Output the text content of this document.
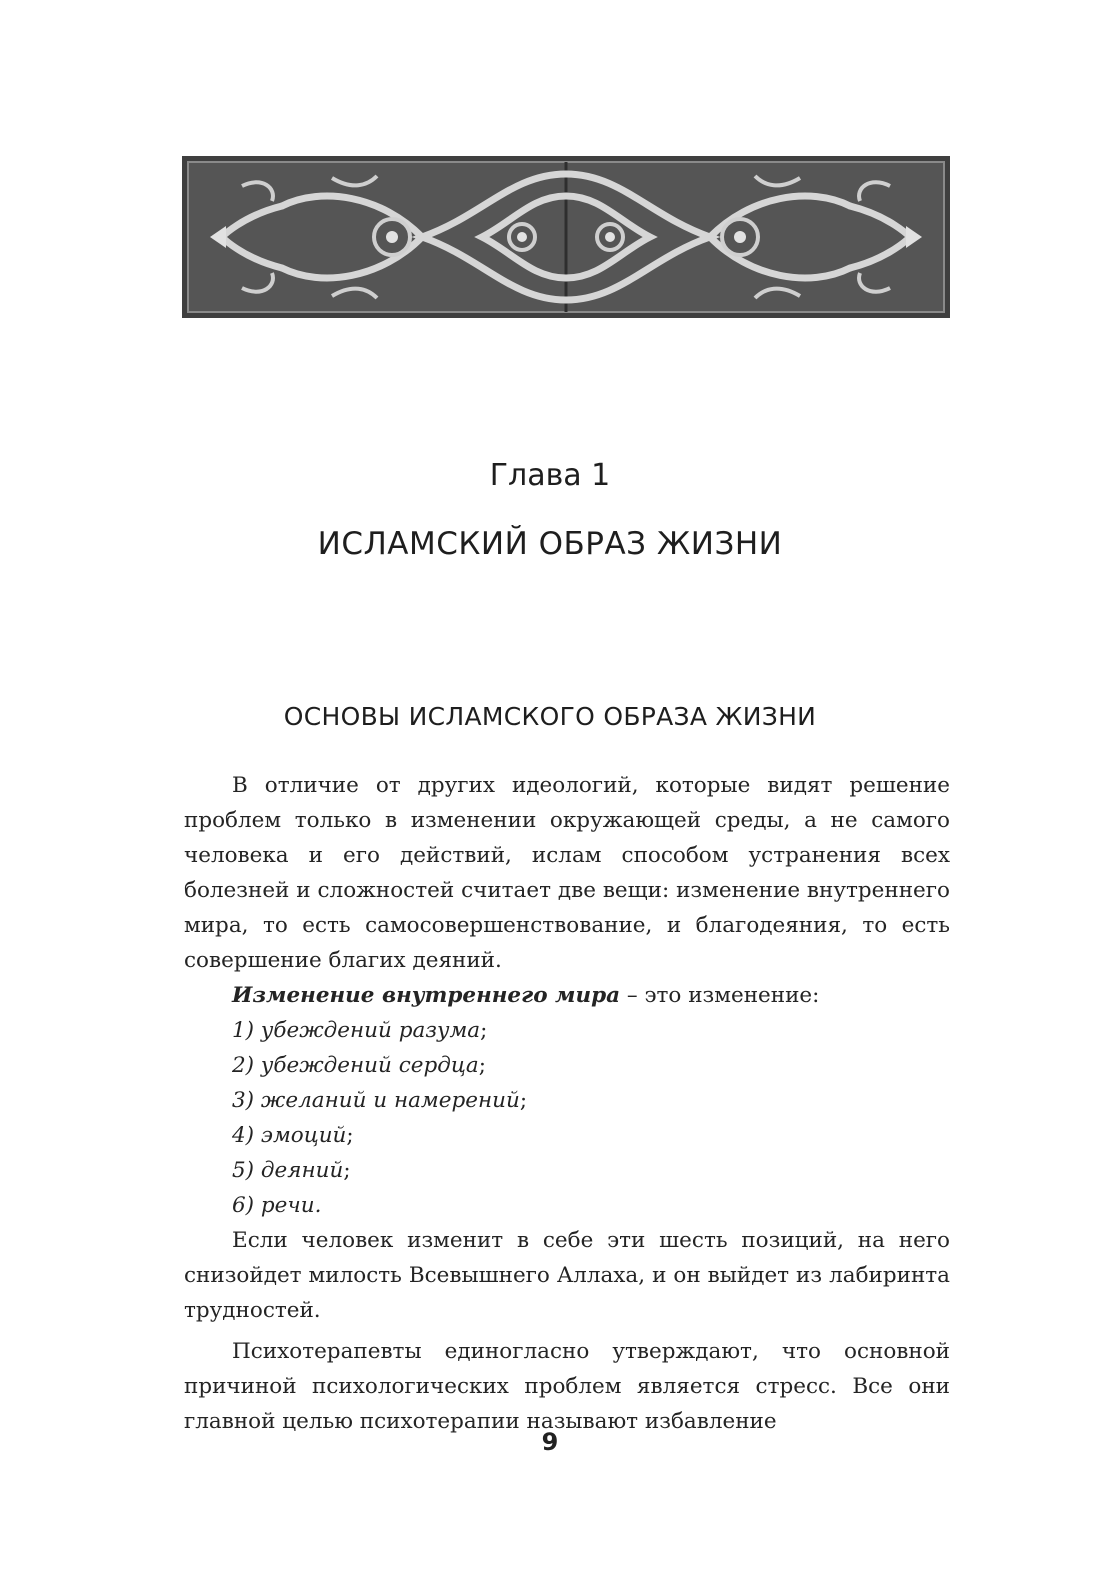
Глава 1
ИСЛАМСКИЙ ОБРАЗ ЖИЗНИ
ОСНОВЫ ИСЛАМСКОГО ОБРАЗА ЖИЗНИ

В отличие от других идеологий, которые видят решение проблем только в изменении окружающей среды, а не самого человека и его действий, ислам способом устранения всех болезней и сложностей считает две вещи: изменение внутреннего мира, то есть самосовершенствование, и благодеяния, то есть совершение благих деяний.

Изменение внутреннего мира – это изменение:

1) убеждений разума;
2) убеждений сердца;
3) желаний и намерений;
4) эмоций;
5) деяний;
6) речи.

Если человек изменит в себе эти шесть позиций, на него снизойдет милость Всевышнего Аллаха, и он выйдет из лабиринта трудностей.

Психотерапевты единогласно утверждают, что основной причиной психологических проблем является стресс. Все они главной целью психотерапии называют избавление

9
